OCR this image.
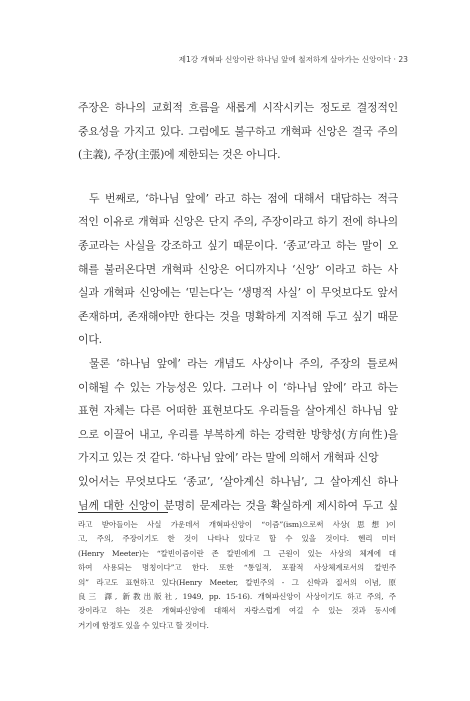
제1강 개혁파 신앙이란 하나님 앞에 철저하게 살아가는 신앙이다 · 23
주장은 하나의 교회적 흐름을 새롭게 시작시키는 정도로 결정적인
중요성을 가지고 있다. 그럼에도 불구하고 개혁파 신앙은 결국 주의
(主義), 주장(主張)에 제한되는 것은 아니다.
두 번째로, ‘하나님 앞에’ 라고 하는 점에 대해서 대답하는 적극
적인 이유로 개혁파 신앙은 단지 주의, 주장이라고 하기 전에 하나의
종교라는 사실을 강조하고 싶기 때문이다. ‘종교’라고 하는 말이 오
해를 불러온다면 개혁파 신앙은 어디까지나 ‘신앙’ 이라고 하는 사
실과 개혁파 신앙에는 ‘믿는다’는 ‘생명적 사실’ 이 무엇보다도 앞서
존재하며, 존재해야만 한다는 것을 명확하게 지적해 두고 싶기 때문
이다.
물론 ‘하나님 앞에’ 라는 개념도 사상이나 주의, 주장의 틀로써
이해될 수 있는 가능성은 있다. 그러나 이 ‘하나님 앞에’ 라고 하는
표현 자체는 다른 어떠한 표현보다도 우리들을 살아계신 하나님 앞
으로 이끌어 내고, 우리를 부복하게 하는 강력한 방향성(方向性)을
가지고 있는 것 같다. ‘하나님 앞에’ 라는 말에 의해서 개혁파 신앙
있어서는 무엇보다도 ‘종교’, ‘살아계신 하나님’, 그 살아계신 하나
님께 대한 신앙이 분명히 문제라는 것을 확실하게 제시하여 두고 싶
라고 받아들이는 사실 가운데서 개혁파신앙이 “이즘”(ism)으로써 사상(思想)이
고, 주의, 주장이기도 한 것이 나타나 있다고 할 수 있을 것이다. 헨리 미터
(Henry Meeter)는 “칼빈이즘이란 존 칼빈에게 그 근원이 있는 사상의 체계에 대
하여 사용되는 명칭이다”고 한다. 또한 “통일적, 포괄적 사상체계로서의 칼빈주
의” 라고도 표현하고 있다(Henry Meeter, 칼빈주의 - 그 신학과 질서의 이념, 原
良三 譯, 新教出版社, 1949, pp. 15-16). 개혁파신앙이 사상이기도 하고 주의, 주
장이라고 하는 것은 개혁파신앙에 대해서 자랑스럽게 여길 수 있는 것과 동시에
거기에 함정도 있을 수 있다고 할 것이다.
